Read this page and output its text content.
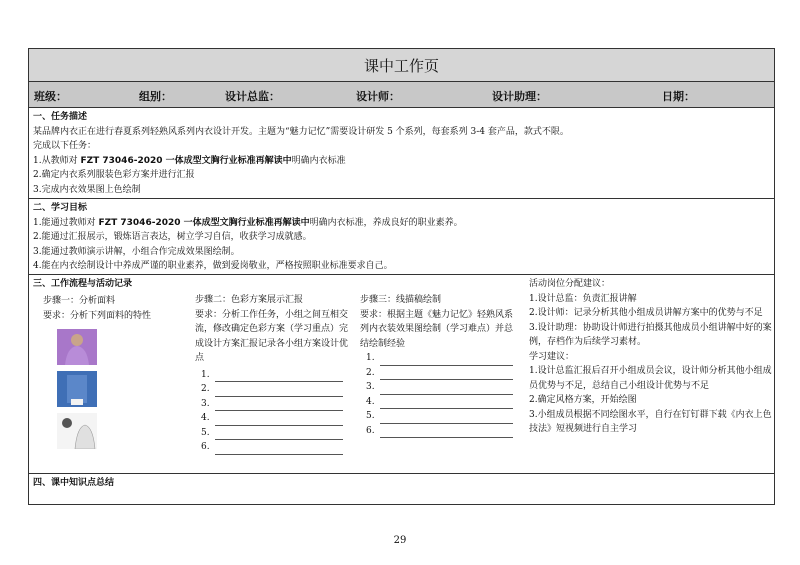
课中工作页
班级：	组别：	设计总监：	设计师：	设计助理：	日期：
一、任务描述
某品牌内衣正在进行春夏系列轻熟风系列内衣设计开发。主题为“魅力记忆”需要设计研发 5 个系列，每套系列 3-4 套产品，款式不限。
完成以下任务：
1.从教师对 FZT 73046-2020 一体成型文胸行业标准再解读中明确内衣标准
2.确定内衣系列服装色彩方案并进行汇报
3.完成内衣效果图上色绘制
二、学习目标
1.能通过教师对 FZT 73046-2020 一体成型文胸行业标准再解读中明确内衣标准，养成良好的职业素养。
2.能通过汇报展示，锻炼语言表达，树立学习自信，收获学习成就感。
3.能通过教师演示讲解，小组合作完成效果图绘制。
4.能在内衣绘制设计中养成严谨的职业素养，做到爱岗敬业，严格按照职业标准要求自己。
三、工作流程与活动记录
步骤一：分析面料
要求：分析下列面料的特性

步骤二：色彩方案展示汇报

要求：分析工作任务，小组之间互相交流，修改确定色彩方案（学习重点）完成设计方案汇报记录各小组方案设计优点

1.
2.
3.
4.
5.
6.

步骤三：线描稿绘制

要求：根据主题《魅力记忆》轻熟风系列内衣装效果图绘制（学习难点）并总结绘制经验

1.
2.
3.
4.
5.
6.

活动岗位分配建议：

1.设计总监：负责汇报讲解

2.设计师：记录分析其他小组成员讲解方案中的优势与不足

3.设计助理：协助设计师进行拍摄其他成员小组讲解中好的案例，存档作为后续学习素材。

学习建议：

1.设计总监汇报后召开小组成员会议，设计师分析其他小组成员优势与不足，总结自己小组设计优势与不足

2.确定风格方案，开始绘图

3.小组成员根据不同绘图水平，自行在钉钉群下载《内衣上色技法》短视频进行自主学习

四、课中知识点总结
29
